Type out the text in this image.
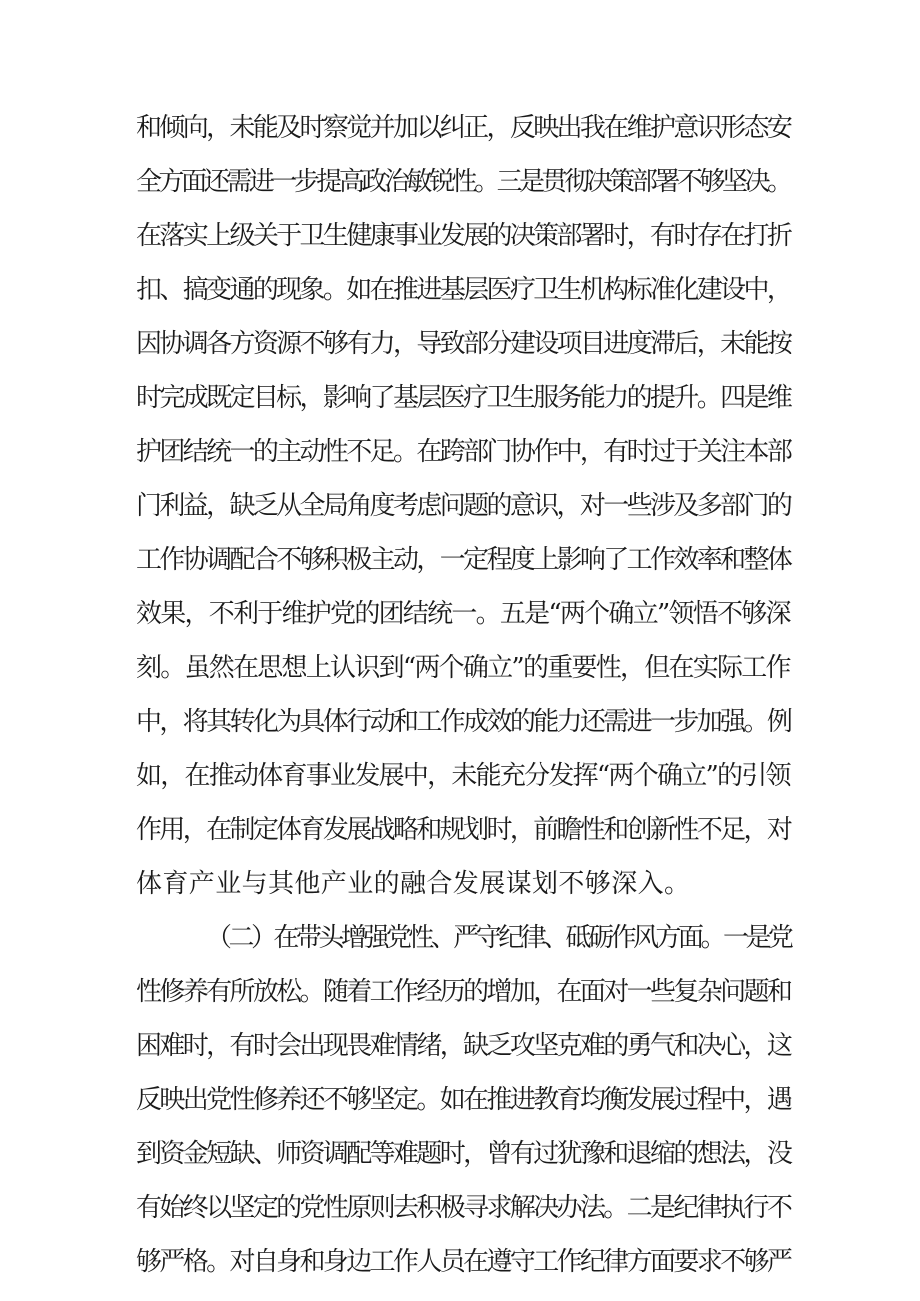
和倾向，未能及时察觉并加以纠正，反映出我在维护意识形态安

全方面还需进一步提高政治敏锐性。三是贯彻决策部署不够坚决。

在落实上级关于卫生健康事业发展的决策部署时，有时存在打折

扣、搞变通的现象。如在推进基层医疗卫生机构标准化建设中，

因协调各方资源不够有力，导致部分建设项目进度滞后，未能按

时完成既定目标，影响了基层医疗卫生服务能力的提升。四是维

护团结统一的主动性不足。在跨部门协作中，有时过于关注本部

门利益，缺乏从全局角度考虑问题的意识，对一些涉及多部门的

工作协调配合不够积极主动，一定程度上影响了工作效率和整体

效果，不利于维护党的团结统一。五是“两个确立”领悟不够深

刻。虽然在思想上认识到“两个确立”的重要性，但在实际工作

中，将其转化为具体行动和工作成效的能力还需进一步加强。例

如，在推动体育事业发展中，未能充分发挥“两个确立”的引领

作用，在制定体育发展战略和规划时，前瞻性和创新性不足，对

体育产业与其他产业的融合发展谋划不够深入。

（二）在带头增强党性、严守纪律、砥砺作风方面。一是党

性修养有所放松。随着工作经历的增加，在面对一些复杂问题和

困难时，有时会出现畏难情绪，缺乏攻坚克难的勇气和决心，这

反映出党性修养还不够坚定。如在推进教育均衡发展过程中，遇

到资金短缺、师资调配等难题时，曾有过犹豫和退缩的想法，没

有始终以坚定的党性原则去积极寻求解决办法。二是纪律执行不

够严格。对自身和身边工作人员在遵守工作纪律方面要求不够严
